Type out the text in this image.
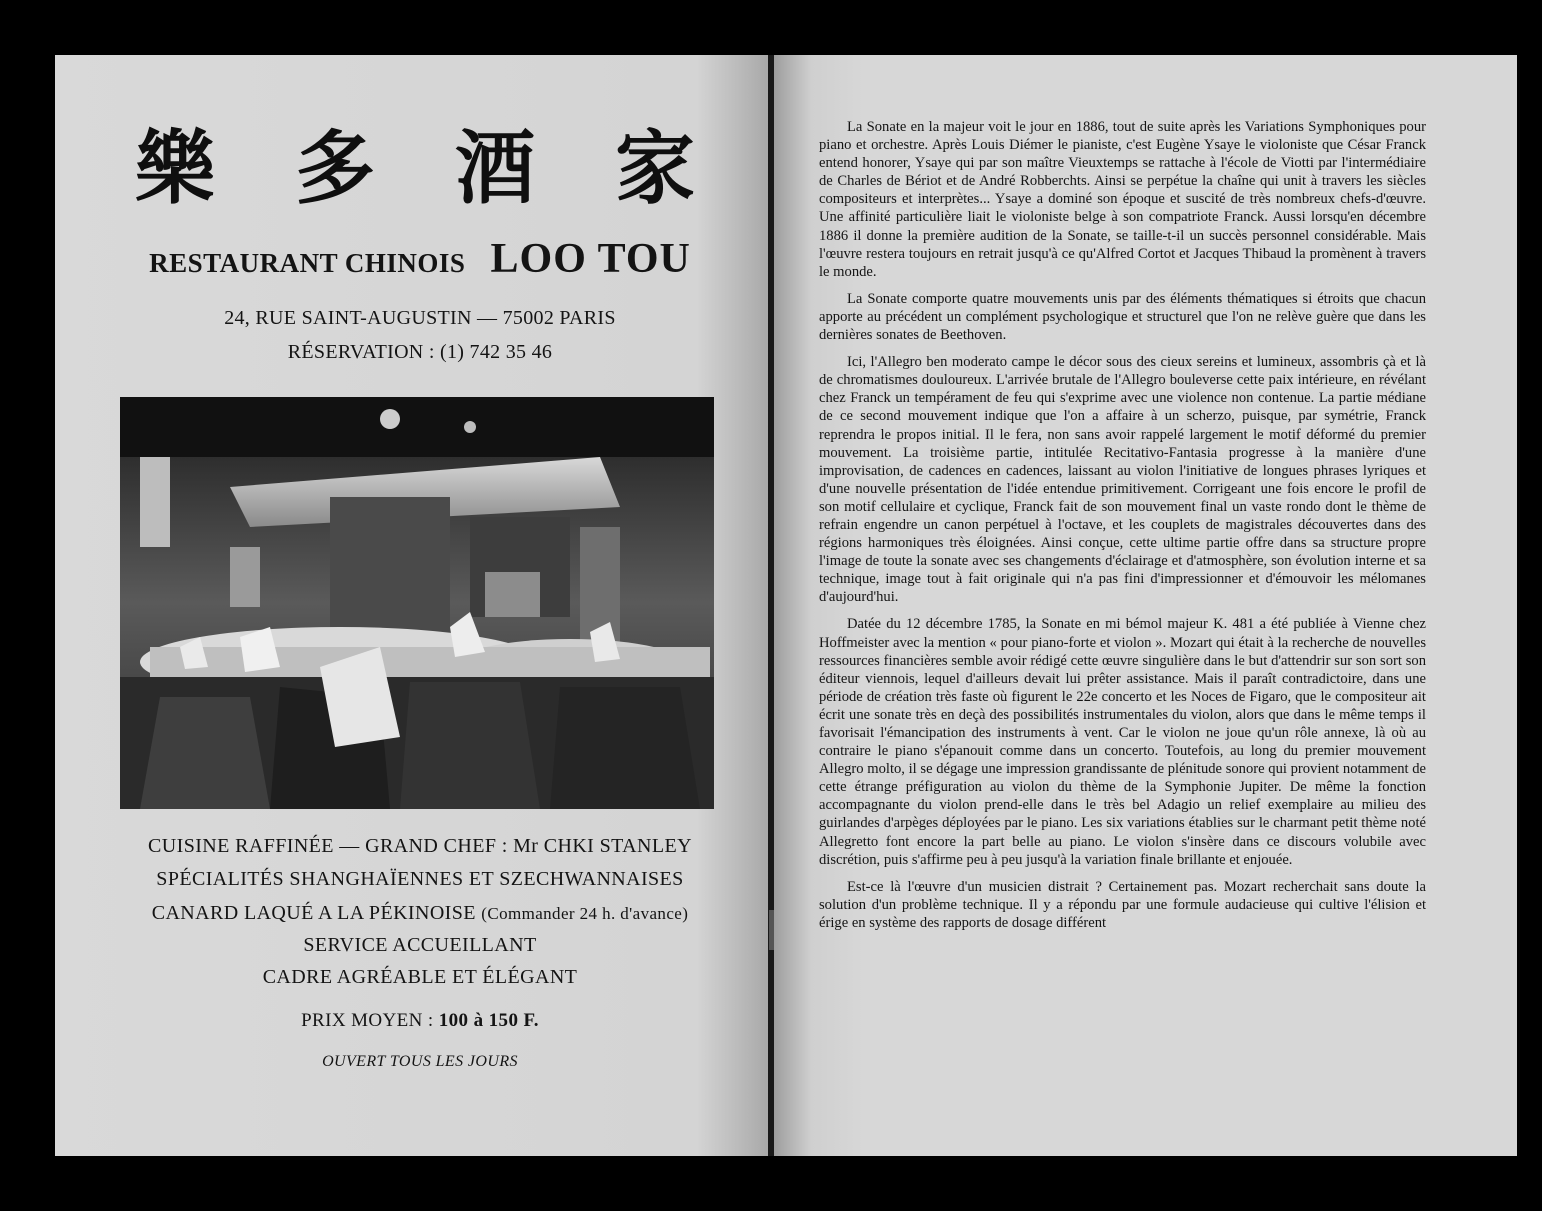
樂 多 酒 家
RESTAURANT CHINOIS LOO TOU
24, RUE SAINT-AUGUSTIN — 75002 PARIS
RÉSERVATION : (1) 742 35 46
CUISINE RAFFINÉE — GRAND CHEF : Mr CHKI STANLEY
SPÉCIALITÉS SHANGHAÏENNES ET SZECHWANNAISES
CANARD LAQUÉ A LA PÉKINOISE (Commander 24 h. d'avance)
SERVICE ACCUEILLANT
CADRE AGRÉABLE ET ÉLÉGANT
PRIX MOYEN : 100 à 150 F.
OUVERT TOUS LES JOURS

La Sonate en la majeur voit le jour en 1886, tout de suite après les Variations Symphoniques pour piano et orchestre. Après Louis Diémer le pianiste, c'est Eugène Ysaye le violoniste que César Franck entend honorer, Ysaye qui par son maître Vieuxtemps se rattache à l'école de Viotti par l'intermédiaire de Charles de Bériot et de André Robberchts. Ainsi se perpétue la chaîne qui unit à travers les siècles compositeurs et interprètes... Ysaye a dominé son époque et suscité de très nombreux chefs-d'œuvre. Une affinité particulière liait le violoniste belge à son compatriote Franck. Aussi lorsqu'en décembre 1886 il donne la première audition de la Sonate, se taille-t-il un succès personnel considérable. Mais l'œuvre restera toujours en retrait jusqu'à ce qu'Alfred Cortot et Jacques Thibaud la promènent à travers le monde.

La Sonate comporte quatre mouvements unis par des éléments thématiques si étroits que chacun apporte au précédent un complément psychologique et structurel que l'on ne relève guère que dans les dernières sonates de Beethoven.

Ici, l'Allegro ben moderato campe le décor sous des cieux sereins et lumineux, assombris çà et là de chromatismes douloureux. L'arrivée brutale de l'Allegro bouleverse cette paix intérieure, en révélant chez Franck un tempérament de feu qui s'exprime avec une violence non contenue. La partie médiane de ce second mouvement indique que l'on a affaire à un scherzo, puisque, par symétrie, Franck reprendra le propos initial. Il le fera, non sans avoir rappelé largement le motif déformé du premier mouvement. La troisième partie, intitulée Recitativo-Fantasia progresse à la manière d'une improvisation, de cadences en cadences, laissant au violon l'initiative de longues phrases lyriques et d'une nouvelle présentation de l'idée entendue primitivement. Corrigeant une fois encore le profil de son motif cellulaire et cyclique, Franck fait de son mouvement final un vaste rondo dont le thème de refrain engendre un canon perpétuel à l'octave, et les couplets de magistrales découvertes dans des régions harmoniques très éloignées. Ainsi conçue, cette ultime partie offre dans sa structure propre l'image de toute la sonate avec ses changements d'éclairage et d'atmosphère, son évolution interne et sa technique, image tout à fait originale qui n'a pas fini d'impressionner et d'émouvoir les mélomanes d'aujourd'hui.

Datée du 12 décembre 1785, la Sonate en mi bémol majeur K. 481 a été publiée à Vienne chez Hoffmeister avec la mention « pour piano-forte et violon ». Mozart qui était à la recherche de nouvelles ressources financières semble avoir rédigé cette œuvre singulière dans le but d'attendrir sur son sort son éditeur viennois, lequel d'ailleurs devait lui prêter assistance. Mais il paraît contradictoire, dans une période de création très faste où figurent le 22e concerto et les Noces de Figaro, que le compositeur ait écrit une sonate très en deçà des possibilités instrumentales du violon, alors que dans le même temps il favorisait l'émancipation des instruments à vent. Car le violon ne joue qu'un rôle annexe, là où au contraire le piano s'épanouit comme dans un concerto. Toutefois, au long du premier mouvement Allegro molto, il se dégage une impression grandissante de plénitude sonore qui provient notamment de cette étrange préfiguration au violon du thème de la Symphonie Jupiter. De même la fonction accompagnante du violon prend-elle dans le très bel Adagio un relief exemplaire au milieu des guirlandes d'arpèges déployées par le piano. Les six variations établies sur le charmant petit thème noté Allegretto font encore la part belle au piano. Le violon s'insère dans ce discours volubile avec discrétion, puis s'affirme peu à peu jusqu'à la variation finale brillante et enjouée.

Est-ce là l'œuvre d'un musicien distrait ? Certainement pas. Mozart recherchait sans doute la solution d'un problème technique. Il y a répondu par une formule audacieuse qui cultive l'élision et érige en système des rapports de dosage différent
